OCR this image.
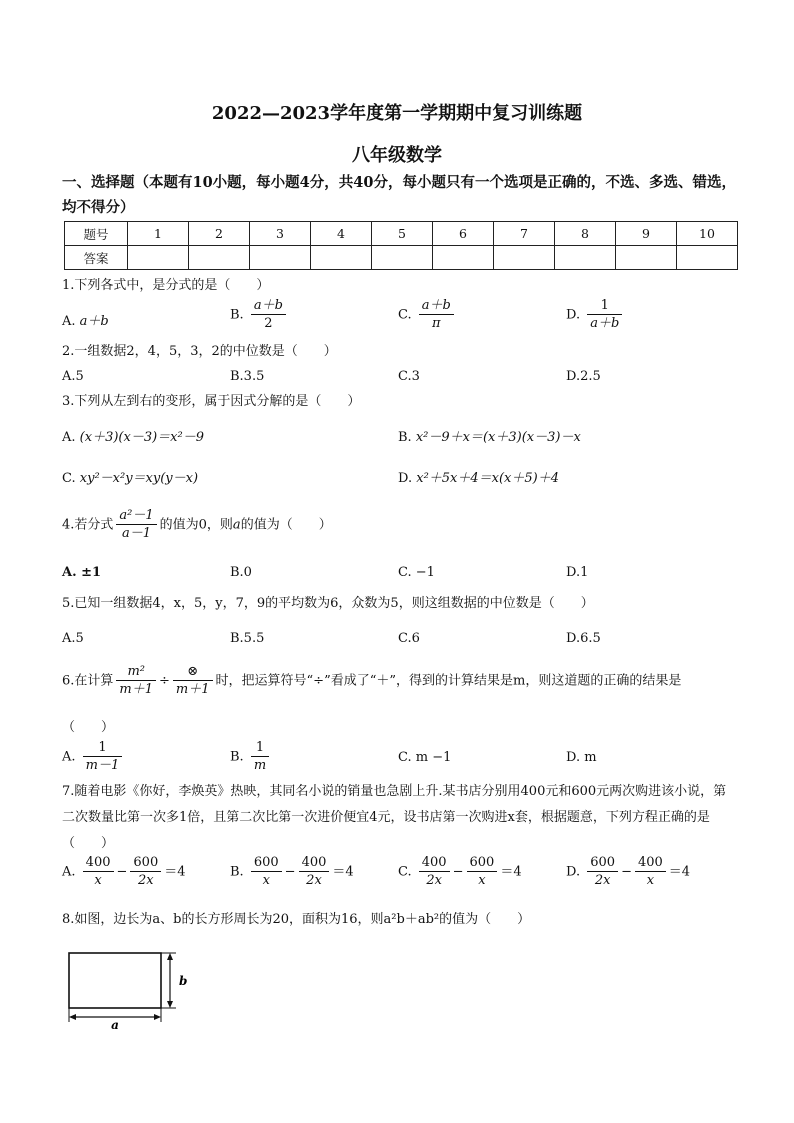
2022—2023学年度第一学期期中复习训练题
八年级数学
一、选择题（本题有10小题，每小题4分，共40分，每小题只有一个选项是正确的，不选、多选、错选，均不得分）
题号	1	2	3	4	5	6	7	8	9	10
答案										
1.下列各式中，是分式的是（　　）
A. a＋b	B. $\frac{a+b}{2}$	C. $\frac{a+b}{\pi}$	D. $\frac{1}{a+b}$
2.一组数据2，4，5，3，2的中位数是（　　）
A.5	B.3.5	C.3	D.2.5
3.下列从左到右的变形，属于因式分解的是（　　）
A. (x＋3)(x－3)＝x²－9	B. x²－9＋x＝(x＋3)(x－3)－x
C. xy²－x²y＝xy(y－x)	D. x²＋5x＋4＝x(x＋5)＋4
4.若分式 $\frac{\text{a²－1}}{a-1}$ 的值为0，则a的值为（　　）
A. ±1	B.0	C. −1	D.1
5.已知一组数据4，x，5，y，7，9的平均数为6，众数为5，则这组数据的中位数是（　　）
A.5	B.5.5	C.6	D.6.5
6.在计算 $\frac{\text{m²}}{m+1} \div \frac{\otimes}{m+1}$ 时，把运算符号“÷”看成了“＋”，得到的计算结果是m，则这道题的正确的结果是
（　　）
A. $\frac{1}{m-1}$	B. $\frac{1}{m}$	C. m −1	D. m
7.随着电影《你好，李焕英》热映，其同名小说的销量也急剧上升.某书店分别用400元和600元两次购进该小说，第二次数量比第一次多1倍，且第二次比第一次进价便宜4元，设书店第一次购进x套，根据题意，下列方程正确的是（　　）
A. $\frac{400}{x} - \frac{600}{2x} =4$	B. $\frac{600}{x} - \frac{400}{2x} =4$	C. $\frac{400}{2x} - \frac{600}{x} =4$	D. $\frac{600}{2x} - \frac{400}{x} =4$
8.如图，边长为a、b的长方形周长为20，面积为16，则a²b＋ab²的值为（　　）
a
b
